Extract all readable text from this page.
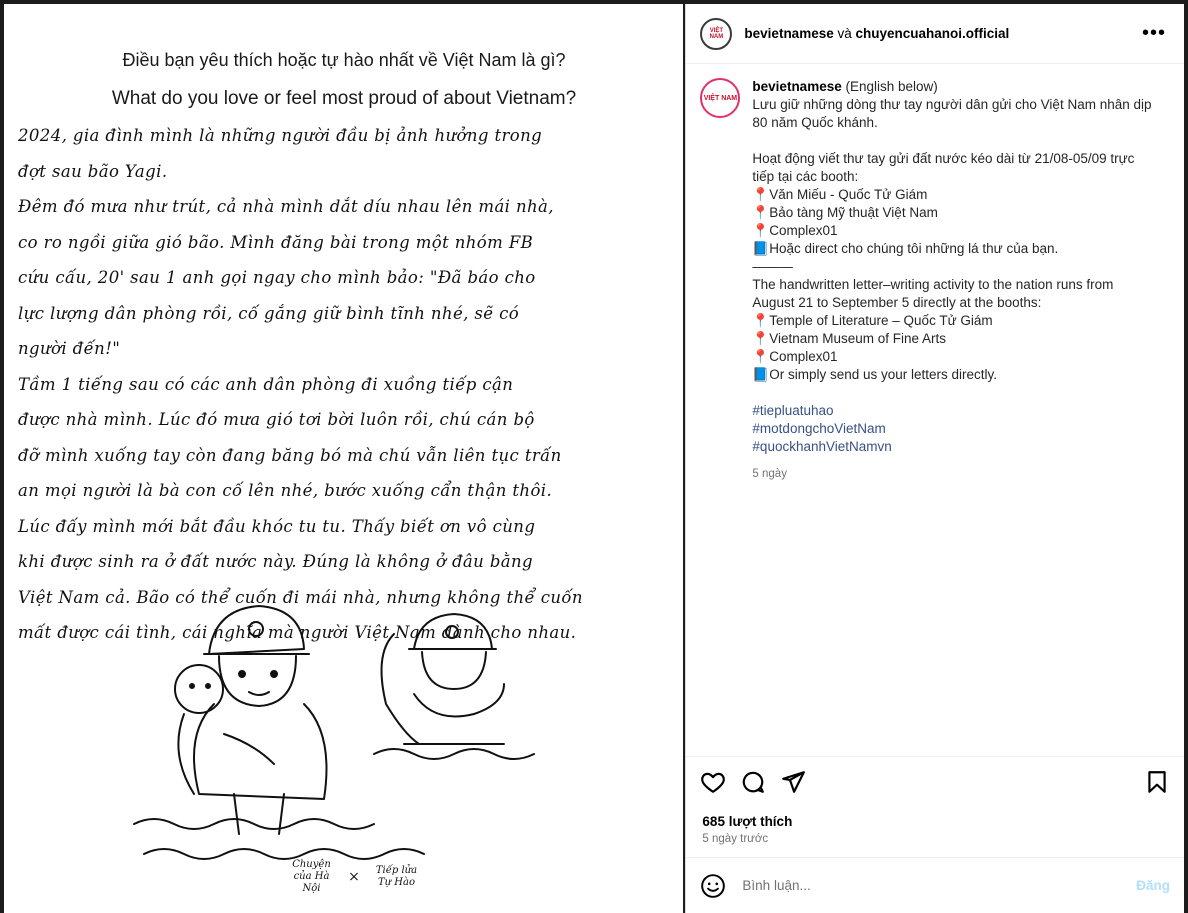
Điều bạn yêu thích hoặc tự hào nhất về Việt Nam là gì?
What do you love or feel most proud of about Vietnam?

2024, gia đình mình là những người đầu bị ảnh hưởng trong

đợt sau bão Yagi.

Đêm đó mưa như trút, cả nhà mình dắt díu nhau lên mái nhà,

co ro ngồi giữa gió bão. Mình đăng bài trong một nhóm FB

cứu cấu, 20' sau 1 anh gọi ngay cho mình bảo: "Đã báo cho

lực lượng dân phòng rồi, cố gắng giữ bình tĩnh nhé, sẽ có

người đến!"

Tầm 1 tiếng sau có các anh dân phòng đi xuồng tiếp cận

được nhà mình. Lúc đó mưa gió tơi bời luôn rồi, chú cán bộ

đỡ mình xuống tay còn đang băng bó mà chú vẫn liên tục trấn

an mọi người là bà con cố lên nhé, bước xuống cẩn thận thôi.

Lúc đấy mình mới bắt đầu khóc tu tu. Thấy biết ơn vô cùng

khi được sinh ra ở đất nước này. Đúng là không ở đâu bằng

Việt Nam cả. Bão có thể cuốn đi mái nhà, nhưng không thể cuốn

mất được cái tình, cái nghĩa mà người Việt Nam dành cho nhau.

Chuyện của Hà Nội
×	Tiếp lửa Tự Hào
VIỆT NAM	bevietnamese và chuyencuahanoi.official	•••
VIỆT NAM
bevietnamese (English below)
Lưu giữ những dòng thư tay người dân gửi cho Việt Nam nhân dịp 80 năm Quốc khánh.
Hoạt động viết thư tay gửi đất nước kéo dài từ 21/08-05/09 trực tiếp tại các booth:
📍Văn Miếu - Quốc Tử Giám
📍Bảo tàng Mỹ thuật Việt Nam
📍Complex01
📘Hoặc direct cho chúng tôi những lá thư của bạn.
———
The handwritten letter–writing activity to the nation runs from August 21 to September 5 directly at the booths:
📍Temple of Literature – Quốc Tử Giám
📍Vietnam Museum of Fine Arts
📍Complex01
📘Or simply send us your letters directly.
#tiepluatuhao
#motdongchoVietNam
#quockhanhVietNamvn
5 ngày
685 lượt thích
5 ngày trước
Bình luận...
Đăng
